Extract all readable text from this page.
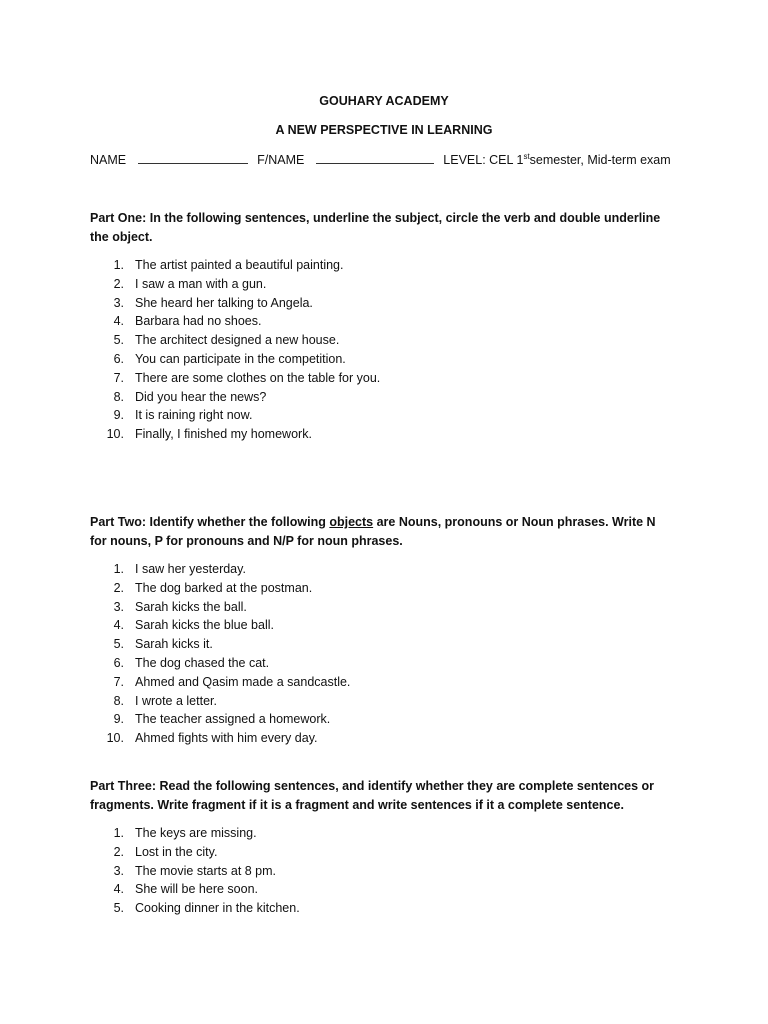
GOUHARY ACADEMY
A NEW PERSPECTIVE IN LEARNING
NAME	F/NAME	LEVEL: CEL 1stsemester, Mid-term exam
Part One: In the following sentences, underline the subject, circle the verb and double underline the object.
1. The artist painted a beautiful painting.
2. I saw a man with a gun.
3. She heard her talking to Angela.
4. Barbara had no shoes.
5. The architect designed a new house.
6. You can participate in the competition.
7. There are some clothes on the table for you.
8. Did you hear the news?
9. It is raining right now.
10. Finally, I finished my homework.
Part Two: Identify whether the following objects are Nouns, pronouns or Noun phrases. Write N for nouns, P for pronouns and N/P for noun phrases.
1. I saw her yesterday.
2. The dog barked at the postman.
3. Sarah kicks the ball.
4. Sarah kicks the blue ball.
5. Sarah kicks it.
6. The dog chased the cat.
7. Ahmed and Qasim made a sandcastle.
8. I wrote a letter.
9. The teacher assigned a homework.
10. Ahmed fights with him every day.
Part Three: Read the following sentences, and identify whether they are complete sentences or fragments. Write fragment if it is a fragment and write sentences if it a complete sentence.
1. The keys are missing.
2. Lost in the city.
3. The movie starts at 8 pm.
4. She will be here soon.
5. Cooking dinner in the kitchen.
